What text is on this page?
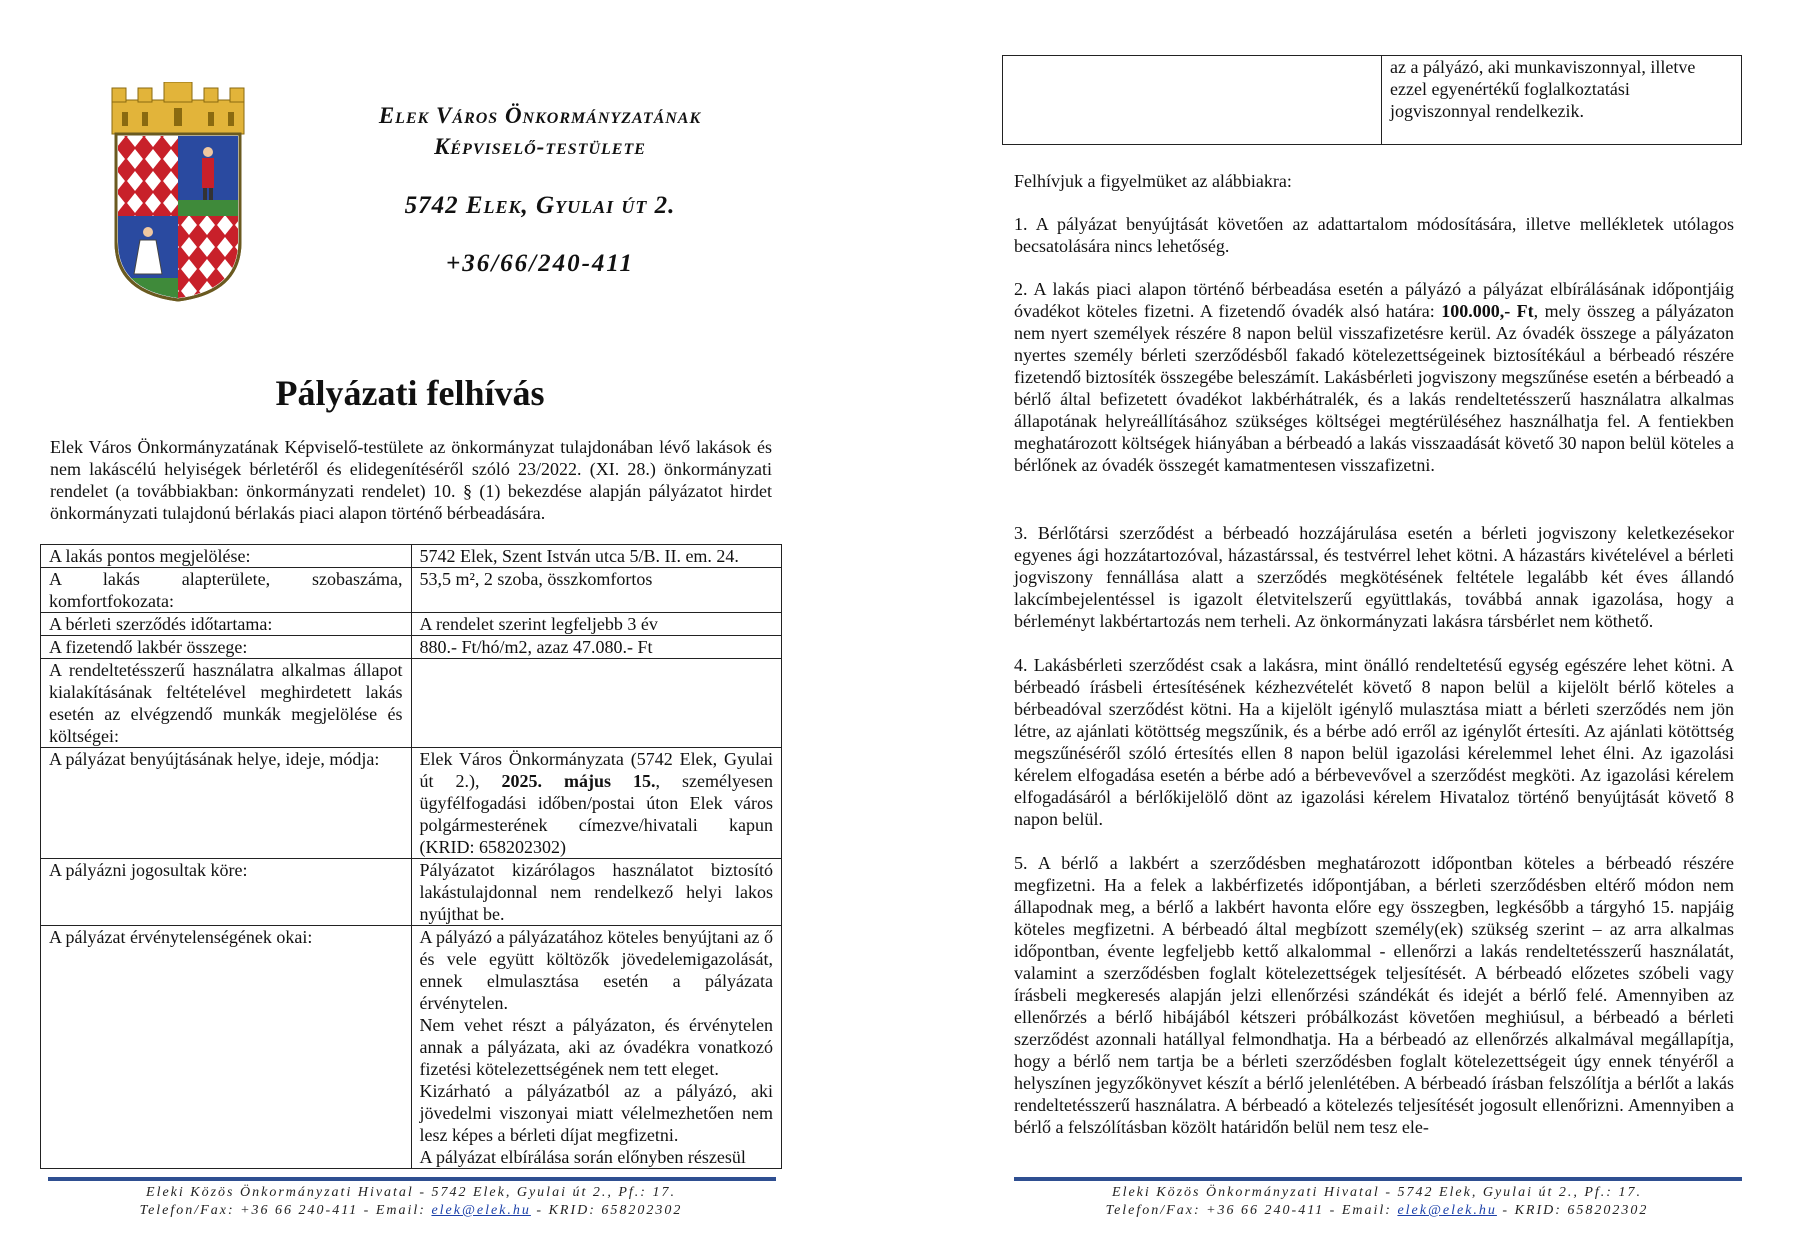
Elek Város Önkormányzatának
Képviselő-testülete
5742 Elek, Gyulai út 2.
+36/66/240-411
Pályázati felhívás

Elek Város Önkormányzatának Képviselő-testülete az önkormányzat tulajdonában lévő lakások és nem lakáscélú helyiségek bérletéről és elidegenítéséről szóló 23/2022. (XI. 28.) önkormányzati rendelet (a továbbiakban: önkormányzati rendelet) 10. § (1) bekezdése alapján pályázatot hirdet önkormányzati tulajdonú bérlakás piaci alapon történő bérbeadására.

A lakás pontos megjelölése:	5742 Elek, Szent István utca 5/B. II. em. 24.
A lakás alapterülete, szobaszáma, komfortfokozata:	53,5 m², 2 szoba, összkomfortos
A bérleti szerződés időtartama:	A rendelet szerint legfeljebb 3 év
A fizetendő lakbér összege:	880.- Ft/hó/m2, azaz 47.080.- Ft
A rendeltetésszerű használatra alkalmas állapot kialakításának feltételével meghirdetett lakás esetén az elvégzendő munkák megjelölése és költségei:	
A pályázat benyújtásának helye, ideje, módja:	Elek Város Önkormányzata (5742 Elek, Gyulai út 2.), 2025. május 15., személyesen ügyfélfogadási időben/postai úton Elek város polgármesterének címezve/hivatali kapun (KRID: 658202302)
A pályázni jogosultak köre:	Pályázatot kizárólagos használatot biztosító lakástulajdonnal nem rendelkező helyi lakos nyújthat be.
A pályázat érvénytelenségének okai:	A pályázó a pályázatához köteles benyújtani az ő és vele együtt költözők jövedelemigazolását, ennek elmulasztása esetén a pályázata érvénytelen.
Nem vehet részt a pályázaton, és érvénytelen annak a pályázata, aki az óvadékra vonatkozó fizetési kötelezettségének nem tett eleget.
Kizárható a pályázatból az a pályázó, aki jövedelmi viszonyai miatt vélelmezhetően nem lesz képes a bérleti díjat megfizetni.
A pályázat elbírálása során előnyben részesül
Eleki Közös Önkormányzati Hivatal - 5742 Elek, Gyulai út 2., Pf.: 17.
Telefon/Fax: +36 66 240-411 - Email: elek@elek.hu - KRID: 658202302
	az a pályázó, aki munkaviszonnyal, illetve ezzel egyenértékű foglalkoztatási jogviszonnyal rendelkezik.

Felhívjuk a figyelmüket az alábbiakra:

1. A pályázat benyújtását követően az adattartalom módosítására, illetve mellékletek utólagos becsatolására nincs lehetőség.

2. A lakás piaci alapon történő bérbeadása esetén a pályázó a pályázat elbírálásának időpontjáig óvadékot köteles fizetni. A fizetendő óvadék alsó határa: 100.000,- Ft, mely összeg a pályázaton nem nyert személyek részére 8 napon belül visszafizetésre kerül. Az óvadék összege a pályázaton nyertes személy bérleti szerződésből fakadó kötelezettségeinek biztosítékául a bérbeadó részére fizetendő biztosíték összegébe beleszámít. Lakásbérleti jogviszony megszűnése esetén a bérbeadó a bérlő által befizetett óvadékot lakbérhátralék, és a lakás rendeltetésszerű használatra alkalmas állapotának helyreállításához szükséges költségei megtérüléséhez használhatja fel. A fentiekben meghatározott költségek hiányában a bérbeadó a lakás visszaadását követő 30 napon belül köteles a bérlőnek az óvadék összegét kamatmentesen visszafizetni.

3. Bérlőtársi szerződést a bérbeadó hozzájárulása esetén a bérleti jogviszony keletkezésekor egyenes ági hozzátartozóval, házastárssal, és testvérrel lehet kötni. A házastárs kivételével a bérleti jogviszony fennállása alatt a szerződés megkötésének feltétele legalább két éves állandó lakcímbejelentéssel is igazolt életvitelszerű együttlakás, továbbá annak igazolása, hogy a bérleményt lakbértartozás nem terheli. Az önkormányzati lakásra társbérlet nem köthető.

4. Lakásbérleti szerződést csak a lakásra, mint önálló rendeltetésű egység egészére lehet kötni. A bérbeadó írásbeli értesítésének kézhezvételét követő 8 napon belül a kijelölt bérlő köteles a bérbeadóval szerződést kötni. Ha a kijelölt igénylő mulasztása miatt a bérleti szerződés nem jön létre, az ajánlati kötöttség megszűnik, és a bérbe adó erről az igénylőt értesíti. Az ajánlati kötöttség megszűnéséről szóló értesítés ellen 8 napon belül igazolási kérelemmel lehet élni. Az igazolási kérelem elfogadása esetén a bérbe adó a bérbevevővel a szerződést megköti. Az igazolási kérelem elfogadásáról a bérlőkijelölő dönt az igazolási kérelem Hivataloz történő benyújtását követő 8 napon belül.

5. A bérlő a lakbért a szerződésben meghatározott időpontban köteles a bérbeadó részére megfizetni. Ha a felek a lakbérfizetés időpontjában, a bérleti szerződésben eltérő módon nem állapodnak meg, a bérlő a lakbért havonta előre egy összegben, legkésőbb a tárgyhó 15. napjáig köteles megfizetni. A bérbeadó által megbízott személy(ek) szükség szerint – az arra alkalmas időpontban, évente legfeljebb kettő alkalommal - ellenőrzi a lakás rendeltetésszerű használatát, valamint a szerződésben foglalt kötelezettségek teljesítését. A bérbeadó előzetes szóbeli vagy írásbeli megkeresés alapján jelzi ellenőrzési szándékát és idejét a bérlő felé. Amennyiben az ellenőrzés a bérlő hibájából kétszeri próbálkozást követően meghiúsul, a bérbeadó a bérleti szerződést azonnali hatállyal felmondhatja. Ha a bérbeadó az ellenőrzés alkalmával megállapítja, hogy a bérlő nem tartja be a bérleti szerződésben foglalt kötelezettségeit úgy ennek tényéről a helyszínen jegyzőkönyvet készít a bérlő jelenlétében. A bérbeadó írásban felszólítja a bérlőt a lakás rendeltetésszerű használatra. A bérbeadó a kötelezés teljesítését jogosult ellenőrizni. Amennyiben a bérlő a felszólításban közölt határidőn belül nem tesz ele-

Eleki Közös Önkormányzati Hivatal - 5742 Elek, Gyulai út 2., Pf.: 17.
Telefon/Fax: +36 66 240-411 - Email: elek@elek.hu - KRID: 658202302
